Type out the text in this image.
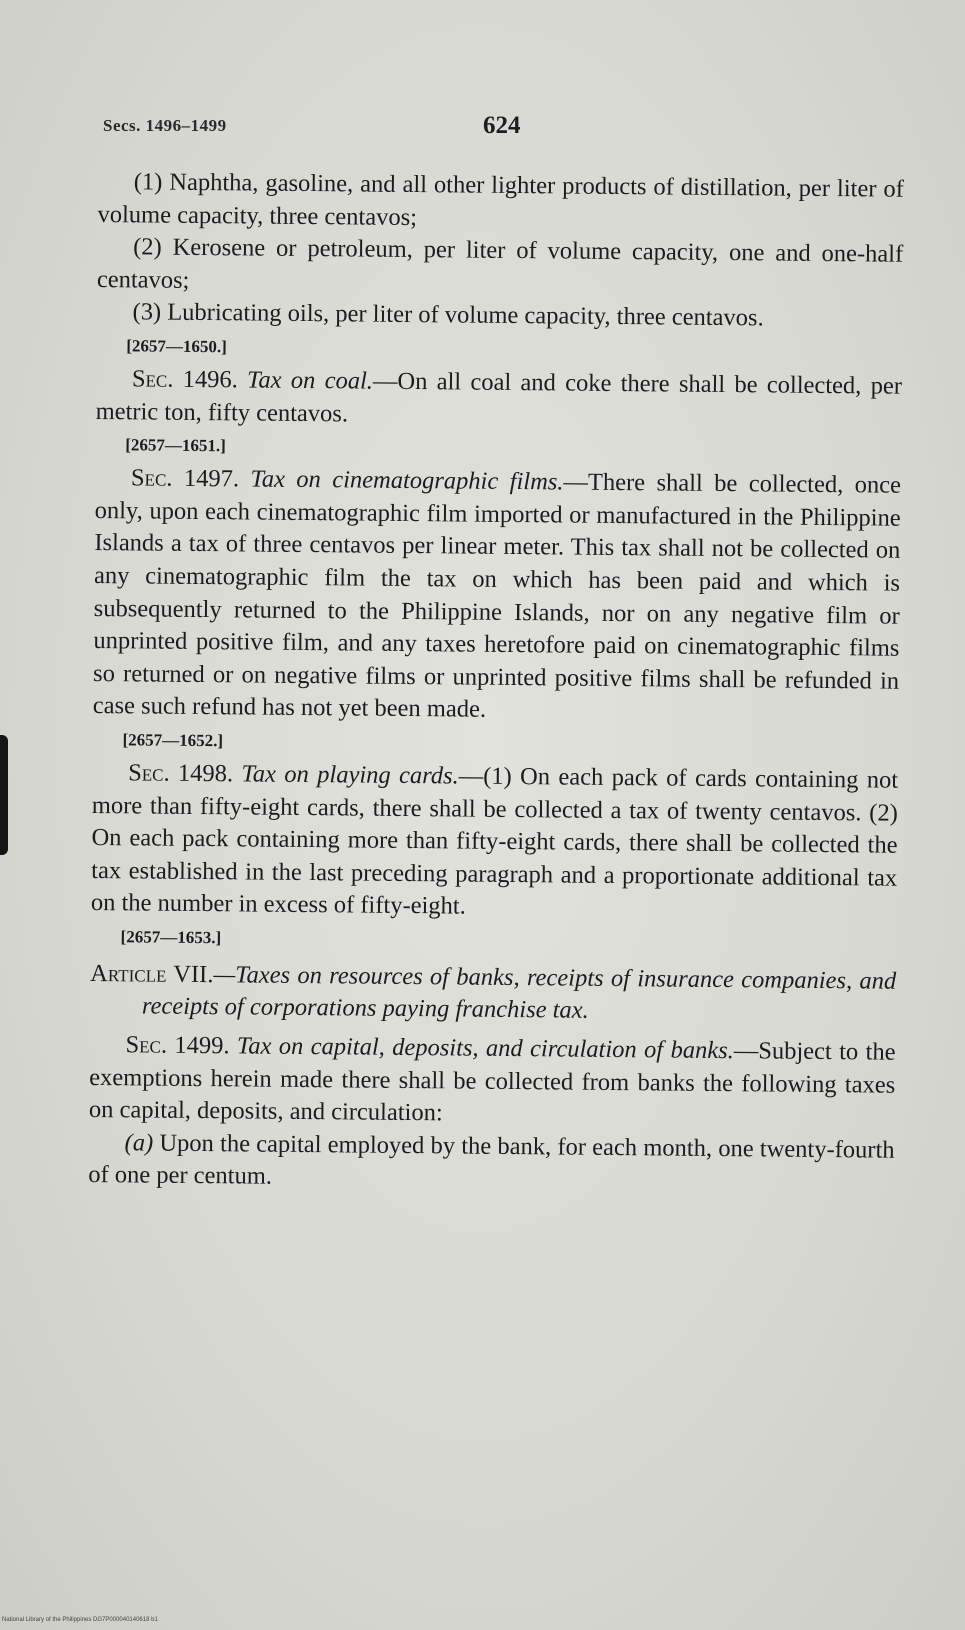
Secs. 1496–1499	624

(1) Naphtha, gasoline, and all other lighter products of distillation, per liter of volume capacity, three centavos;

(2) Kerosene or petroleum, per liter of volume capacity, one and one-half centavos;

(3) Lubricating oils, per liter of volume capacity, three centavos.

[2657—1650.]

Sec. 1496. Tax on coal.—On all coal and coke there shall be collected, per metric ton, fifty centavos.

[2657—1651.]

Sec. 1497. Tax on cinematographic films.—There shall be collected, once only, upon each cinematographic film imported or manufactured in the Philippine Islands a tax of three centavos per linear meter. This tax shall not be collected on any cinematographic film the tax on which has been paid and which is subsequently returned to the Philippine Islands, nor on any negative film or unprinted positive film, and any taxes heretofore paid on cinematographic films so returned or on negative films or unprinted positive films shall be refunded in case such refund has not yet been made.

[2657—1652.]

Sec. 1498. Tax on playing cards.—(1) On each pack of cards containing not more than fifty-eight cards, there shall be collected a tax of twenty centavos. (2) On each pack containing more than fifty-eight cards, there shall be collected the tax established in the last preceding paragraph and a proportionate additional tax on the number in excess of fifty-eight.

[2657—1653.]

Article VII.—Taxes on resources of banks, receipts of insurance companies, and receipts of corporations paying franchise tax.

Sec. 1499. Tax on capital, deposits, and circulation of banks.—Subject to the exemptions herein made there shall be collected from banks the following taxes on capital, deposits, and circulation:

(a) Upon the capital employed by the bank, for each month, one twenty-fourth of one per centum.

National Library of the Philippines DG7P000040140618 b1
